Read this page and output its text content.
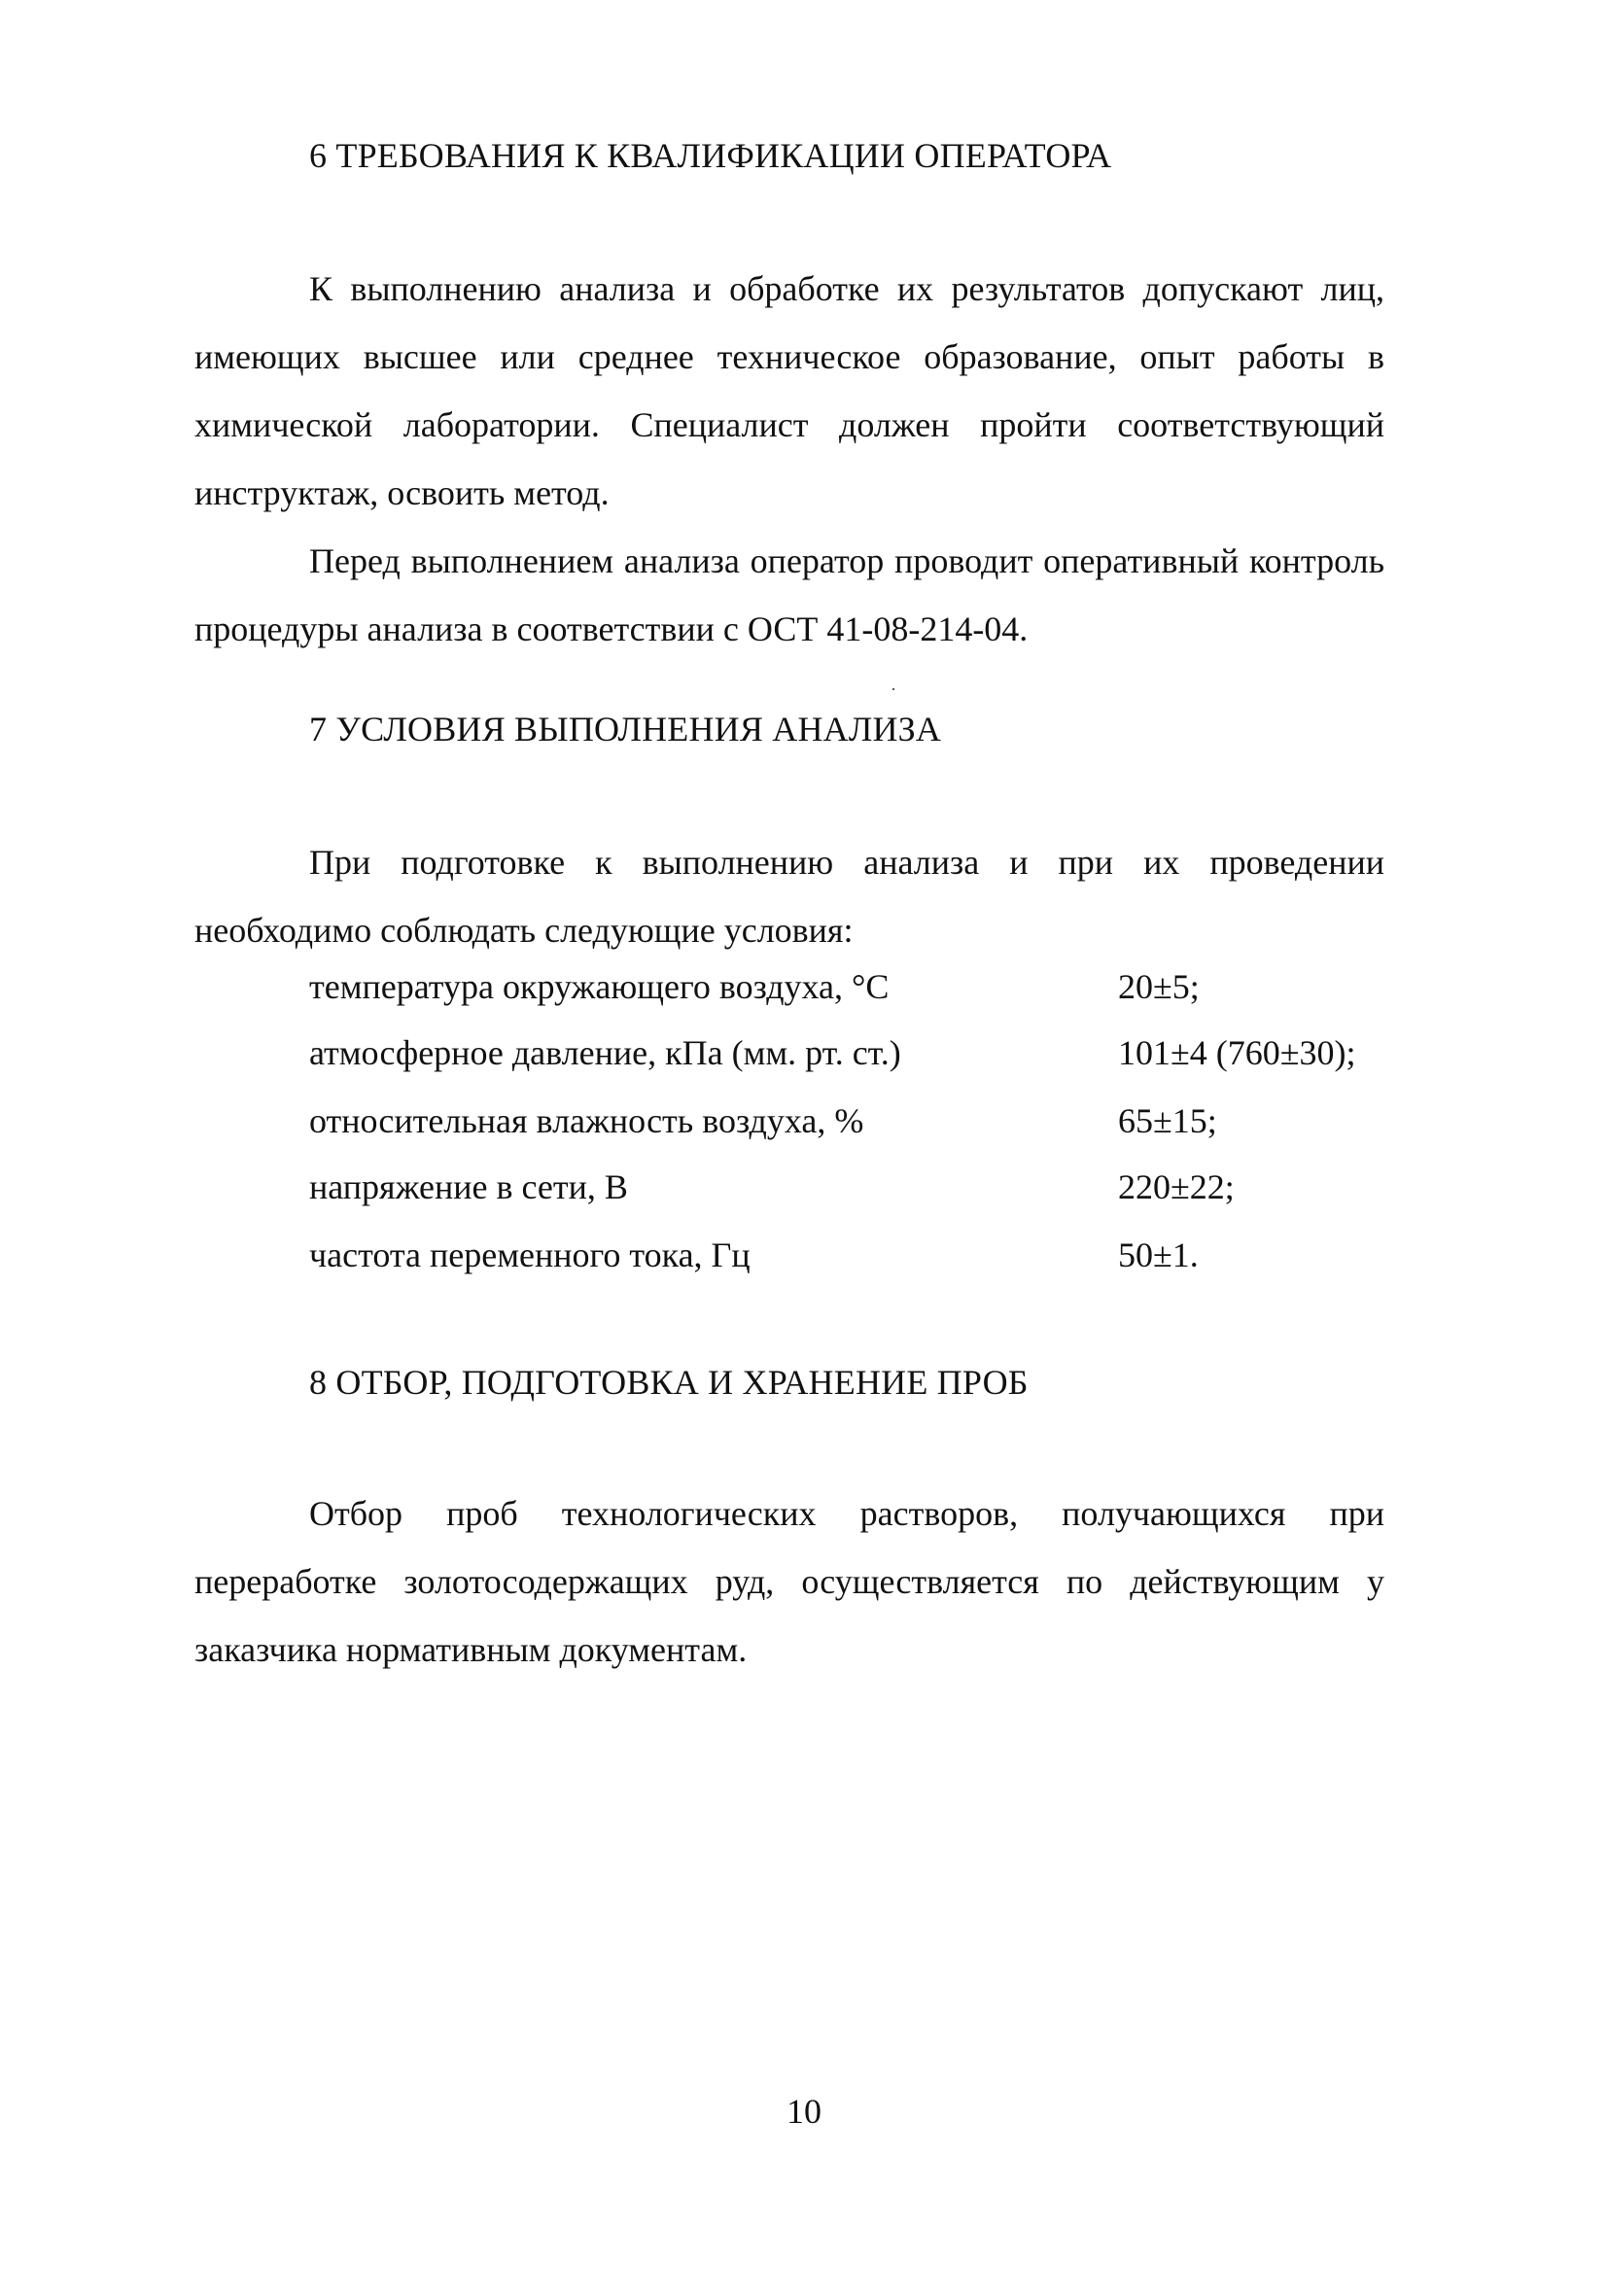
6 ТРЕБОВАНИЯ К КВАЛИФИКАЦИИ ОПЕРАТОРА
К выполнению анализа и обработке их результатов допускают лиц, имеющих высшее или среднее техническое образование, опыт работы в химической лаборатории. Специалист должен пройти соответствующий инструктаж, освоить метод.
Перед выполнением анализа оператор проводит оперативный контроль процедуры анализа в соответствии с ОСТ 41-08-214-04.
7 УСЛОВИЯ ВЫПОЛНЕНИЯ АНАЛИЗА
При подготовке к выполнению анализа и при их проведении необходимо соблюдать следующие условия:
температура окружающего воздуха, °С	20±5;
атмосферное давление, кПа (мм. рт. ст.)	101±4 (760±30);
относительная влажность воздуха, %	65±15;
напряжение в сети, В	220±22;
частота переменного тока, Гц	50±1.
8 ОТБОР, ПОДГОТОВКА И ХРАНЕНИЕ ПРОБ
Отбор проб технологических растворов, получающихся при переработке золотосодержащих руд, осуществляется по действующим у заказчика нормативным документам.
10
